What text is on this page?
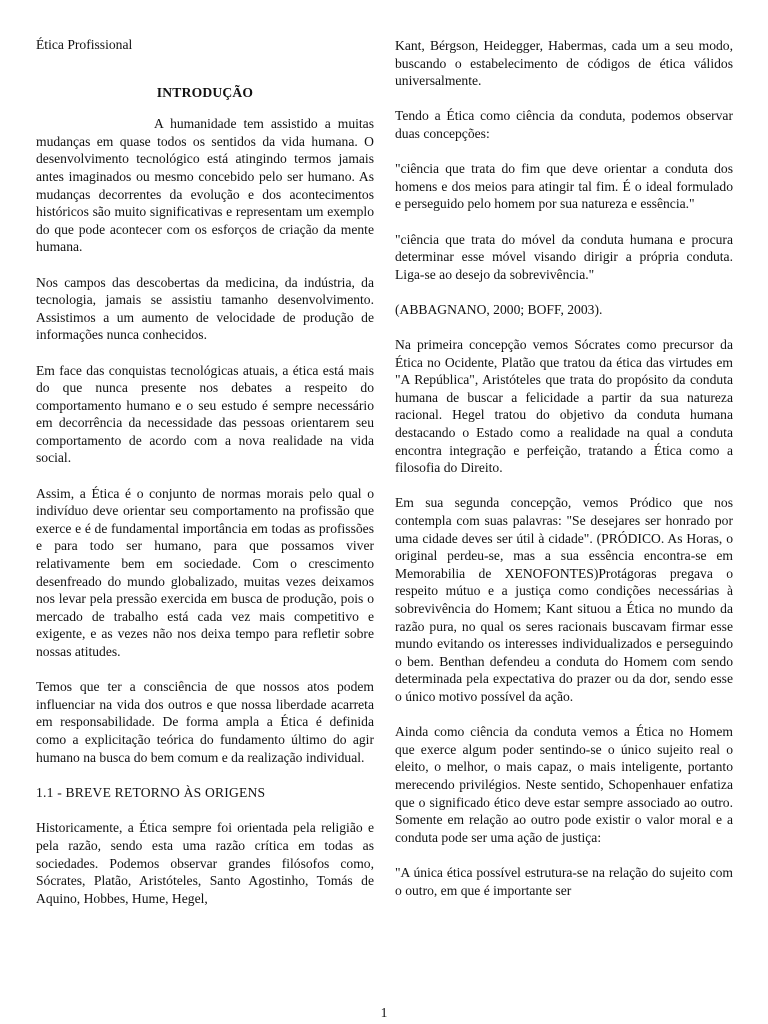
Ética Profissional
INTRODUÇÃO

A humanidade tem assistido a muitas mudanças em quase todos os sentidos da vida humana. O desenvolvimento tecnológico está atingindo termos jamais antes imaginados ou mesmo concebido pelo ser humano. As mudanças decorrentes da evolução e dos acontecimentos históricos são muito significativas e representam um exemplo do que pode acontecer com os esforços de criação da mente humana.

Nos campos das descobertas da medicina, da indústria, da tecnologia, jamais se assistiu tamanho desenvolvimento. Assistimos a um aumento de velocidade de produção de informações nunca conhecidos.

Em face das conquistas tecnológicas atuais, a ética está mais do que nunca presente nos debates a respeito do comportamento humano e o seu estudo é sempre necessário em decorrência da necessidade das pessoas orientarem seu comportamento de acordo com a nova realidade na vida social.

Assim, a Ética é o conjunto de normas morais pelo qual o indivíduo deve orientar seu comportamento na profissão que exerce e é de fundamental importância em todas as profissões e para todo ser humano, para que possamos viver relativamente bem em sociedade. Com o crescimento desenfreado do mundo globalizado, muitas vezes deixamos nos levar pela pressão exercida em busca de produção, pois o mercado de trabalho está cada vez mais competitivo e exigente, e as vezes não nos deixa tempo para refletir sobre nossas atitudes.

Temos que ter a consciência de que nossos atos podem influenciar na vida dos outros e que nossa liberdade acarreta em responsabilidade. De forma ampla a Ética é definida como a explicitação teórica do fundamento último do agir humano na busca do bem comum e da realização individual.

1.1 - BREVE RETORNO ÀS ORIGENS

Historicamente, a Ética sempre foi orientada pela religião e pela razão, sendo esta uma razão crítica em todas as sociedades. Podemos observar grandes filósofos como, Sócrates, Platão, Aristóteles, Santo Agostinho, Tomás de Aquino, Hobbes, Hume, Hegel,

Kant, Bérgson, Heidegger, Habermas, cada um a seu modo, buscando o estabelecimento de códigos de ética válidos universalmente.

Tendo a Ética como ciência da conduta, podemos observar duas concepções:

"ciência que trata do fim que deve orientar a conduta dos homens e dos meios para atingir tal fim. É o ideal formulado e perseguido pelo homem por sua natureza e essência."

"ciência que trata do móvel da conduta humana e procura determinar esse móvel visando dirigir a própria conduta. Liga-se ao desejo da sobrevivência."

(ABBAGNANO, 2000; BOFF, 2003).

Na primeira concepção vemos Sócrates como precursor da Ética no Ocidente, Platão que tratou da ética das virtudes em "A República", Aristóteles que trata do propósito da conduta humana de buscar a felicidade a partir da sua natureza racional. Hegel tratou do objetivo da conduta humana destacando o Estado como a realidade na qual a conduta encontra integração e perfeição, tratando a Ética como a filosofia do Direito.

Em sua segunda concepção, vemos Pródico que nos contempla com suas palavras: "Se desejares ser honrado por uma cidade deves ser útil à cidade". (PRÓDICO. As Horas, o original perdeu-se, mas a sua essência encontra-se em Memorabilia de XENOFONTES)Protágoras pregava o respeito mútuo e a justiça como condições necessárias à sobrevivência do Homem; Kant situou a Ética no mundo da razão pura, no qual os seres racionais buscavam firmar esse mundo evitando os interesses individualizados e perseguindo o bem. Benthan defendeu a conduta do Homem com sendo determinada pela expectativa do prazer ou da dor, sendo esse o único motivo possível da ação.

Ainda como ciência da conduta vemos a Ética no Homem que exerce algum poder sentindo-se o único sujeito real o eleito, o melhor, o mais capaz, o mais inteligente, portanto merecendo privilégios. Neste sentido, Schopenhauer enfatiza que o significado ético deve estar sempre associado ao outro. Somente em relação ao outro pode existir o valor moral e a conduta pode ser uma ação de justiça:

"A única ética possível estrutura-se na relação do sujeito com o outro, em que é importante ser

1
